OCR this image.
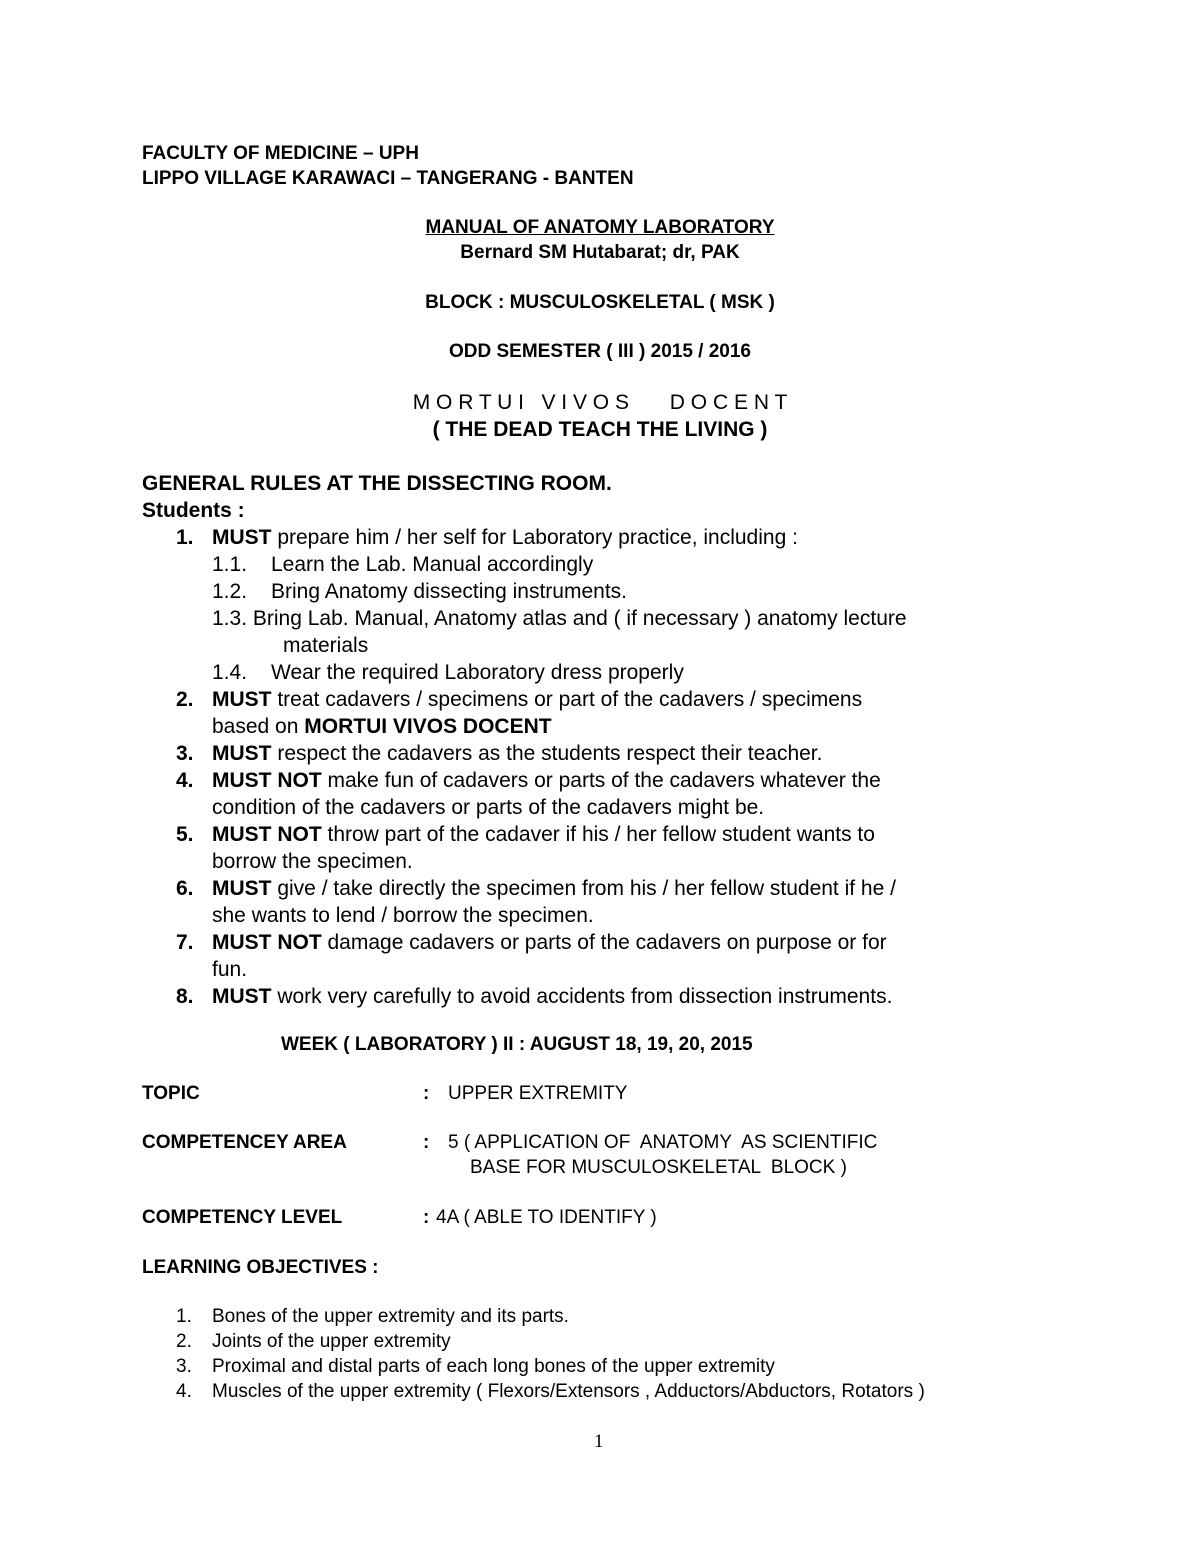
FACULTY OF MEDICINE – UPH
LIPPO VILLAGE KARAWACI – TANGERANG - BANTEN
MANUAL OF ANATOMY LABORATORY
Bernard SM Hutabarat; dr, PAK
BLOCK : MUSCULOSKELETAL ( MSK )
ODD SEMESTER ( III ) 2015 / 2016
M O R T U I   V I V O S       D O C E N T
( THE DEAD TEACH THE LIVING )
GENERAL RULES AT THE DISSECTING ROOM.
Students :
1. MUST prepare him / her self for Laboratory practice, including :
1.1. Learn the Lab. Manual accordingly
1.2. Bring Anatomy dissecting instruments.
1.3. Bring Lab. Manual, Anatomy atlas and ( if necessary ) anatomy lecture
materials
1.4. Wear the required Laboratory dress properly
2. MUST treat cadavers / specimens or part of the cadavers / specimens
based on MORTUI VIVOS DOCENT
3. MUST respect the cadavers as the students respect their teacher.
4. MUST NOT make fun of cadavers or parts of the cadavers whatever the
condition of the cadavers or parts of the cadavers might be.
5. MUST NOT throw part of the cadaver if his / her fellow student wants to
borrow the specimen.
6. MUST give / take directly the specimen from his / her fellow student if he /
she wants to lend / borrow the specimen.
7. MUST NOT damage cadavers or parts of the cadavers on purpose or for
fun.
8. MUST work very carefully to avoid accidents from dissection instruments.
WEEK ( LABORATORY ) II : AUGUST 18, 19, 20, 2015
TOPIC	: UPPER EXTREMITY
COMPETENCEY AREA	: 5 ( APPLICATION OF  ANATOMY  AS SCIENTIFIC
BASE FOR MUSCULOSKELETAL  BLOCK )
COMPETENCY LEVEL	: 4A ( ABLE TO IDENTIFY )
LEARNING OBJECTIVES :
1. Bones of the upper extremity and its parts.
2. Joints of the upper extremity
3. Proximal and distal parts of each long bones of the upper extremity
4. Muscles of the upper extremity ( Flexors/Extensors , Adductors/Abductors, Rotators )
1
